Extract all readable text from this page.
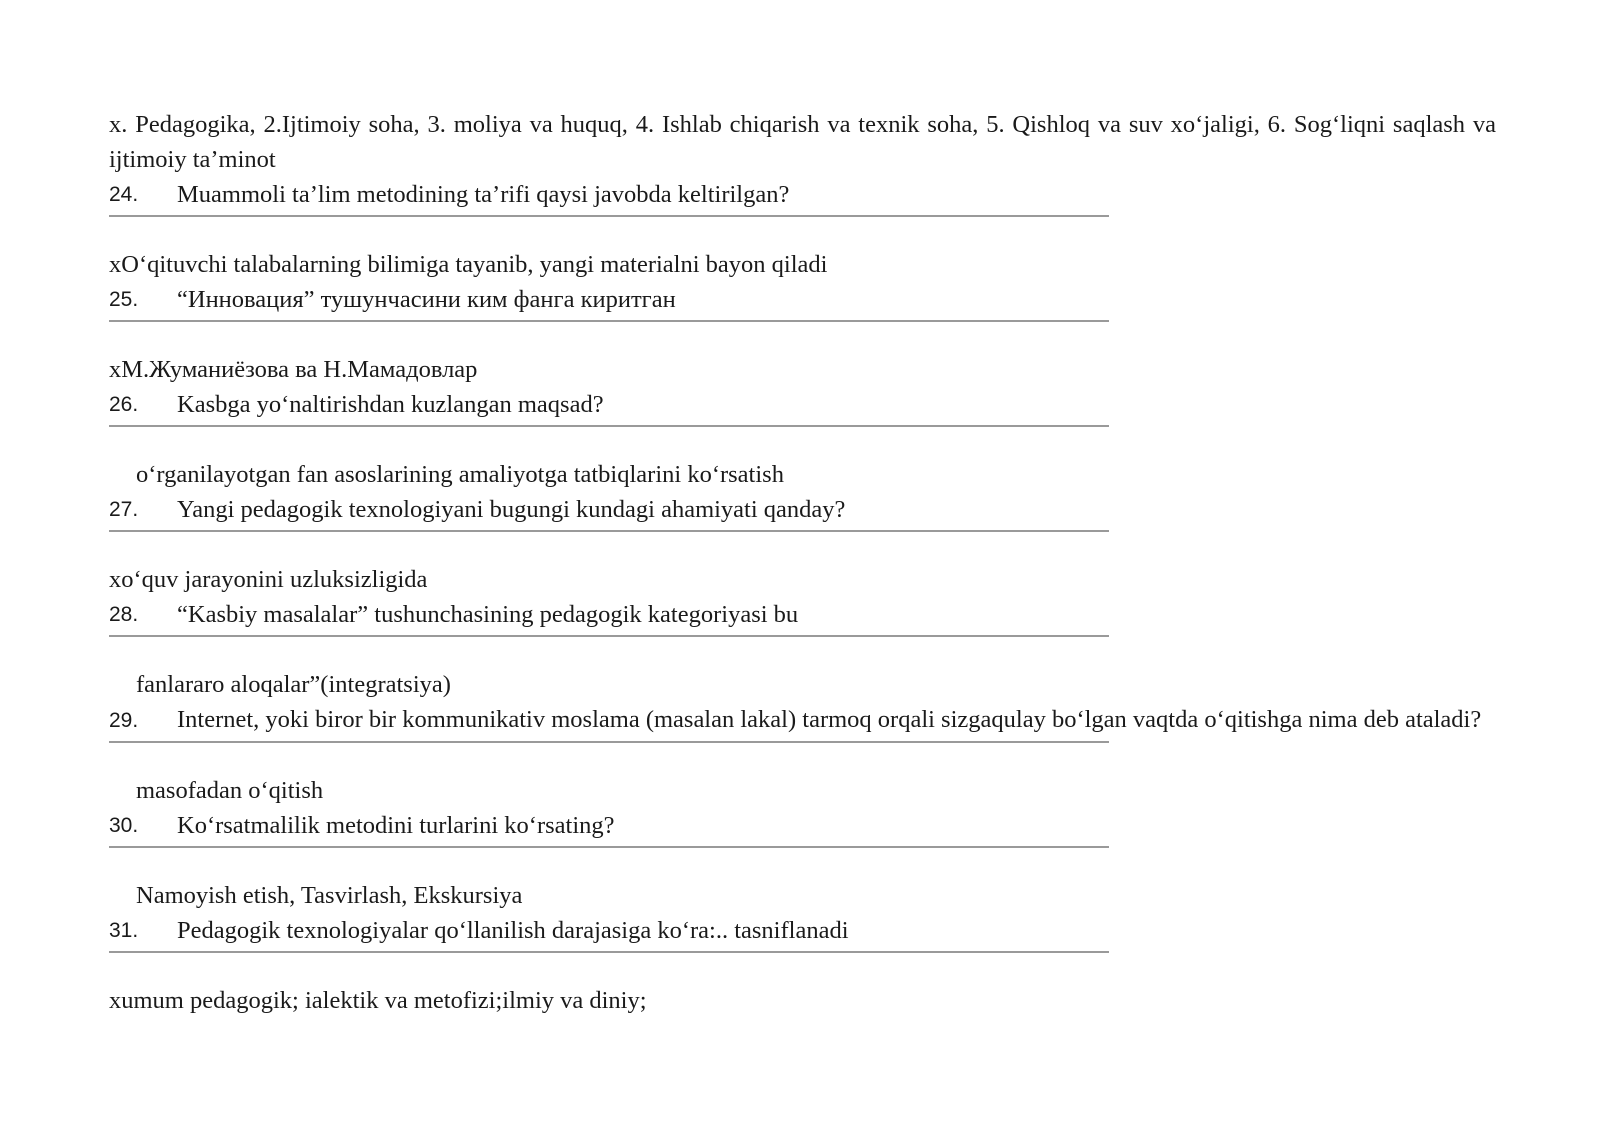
x. Pedagogika, 2.Ijtimoiy soha, 3. moliya va huquq, 4. Ishlab chiqarish va texnik soha, 5. Qishloq va suv xo‘jaligi, 6. Sog‘liqni saqlash va ijtimoiy ta’minot

24.	Muammoli ta’lim metodining ta’rifi qaysi javobda keltirilgan?

xO‘qituvchi talabalarning bilimiga tayanib, yangi materialni bayon qiladi

25.	“Инновация” тушунчасини ким фанга киритган

xМ.Жуманиёзова ва Н.Мамадовлар

26.	Kasbga yo‘naltirishdan kuzlangan maqsad?

o‘rganilayotgan fan asoslarining amaliyotga tatbiqlarini ko‘rsatish

27.	Yangi pedagogik texnologiyani bugungi kundagi ahamiyati qanday?

xo‘quv jarayonini uzluksizligida

28.	“Kasbiy masalalar” tushunchasining pedagogik kategoriyasi bu

fanlararo aloqalar”(integratsiya)

29. Internet, yoki biror bir kommunikativ moslama (masalan lakal) tarmoq orqali sizgaqulay bo‘lgan vaqtda o‘qitishga nima deb ataladi?

masofadan o‘qitish

30.	Ko‘rsatmalilik metodini turlarini ko‘rsating?

Namoyish etish, Tasvirlash, Ekskursiya

31.	Pedagogik texnologiyalar qo‘llanilish darajasiga ko‘ra:.. tasniflanadi

xumum pedagogik; ialektik va metofizi;ilmiy va diniy;
